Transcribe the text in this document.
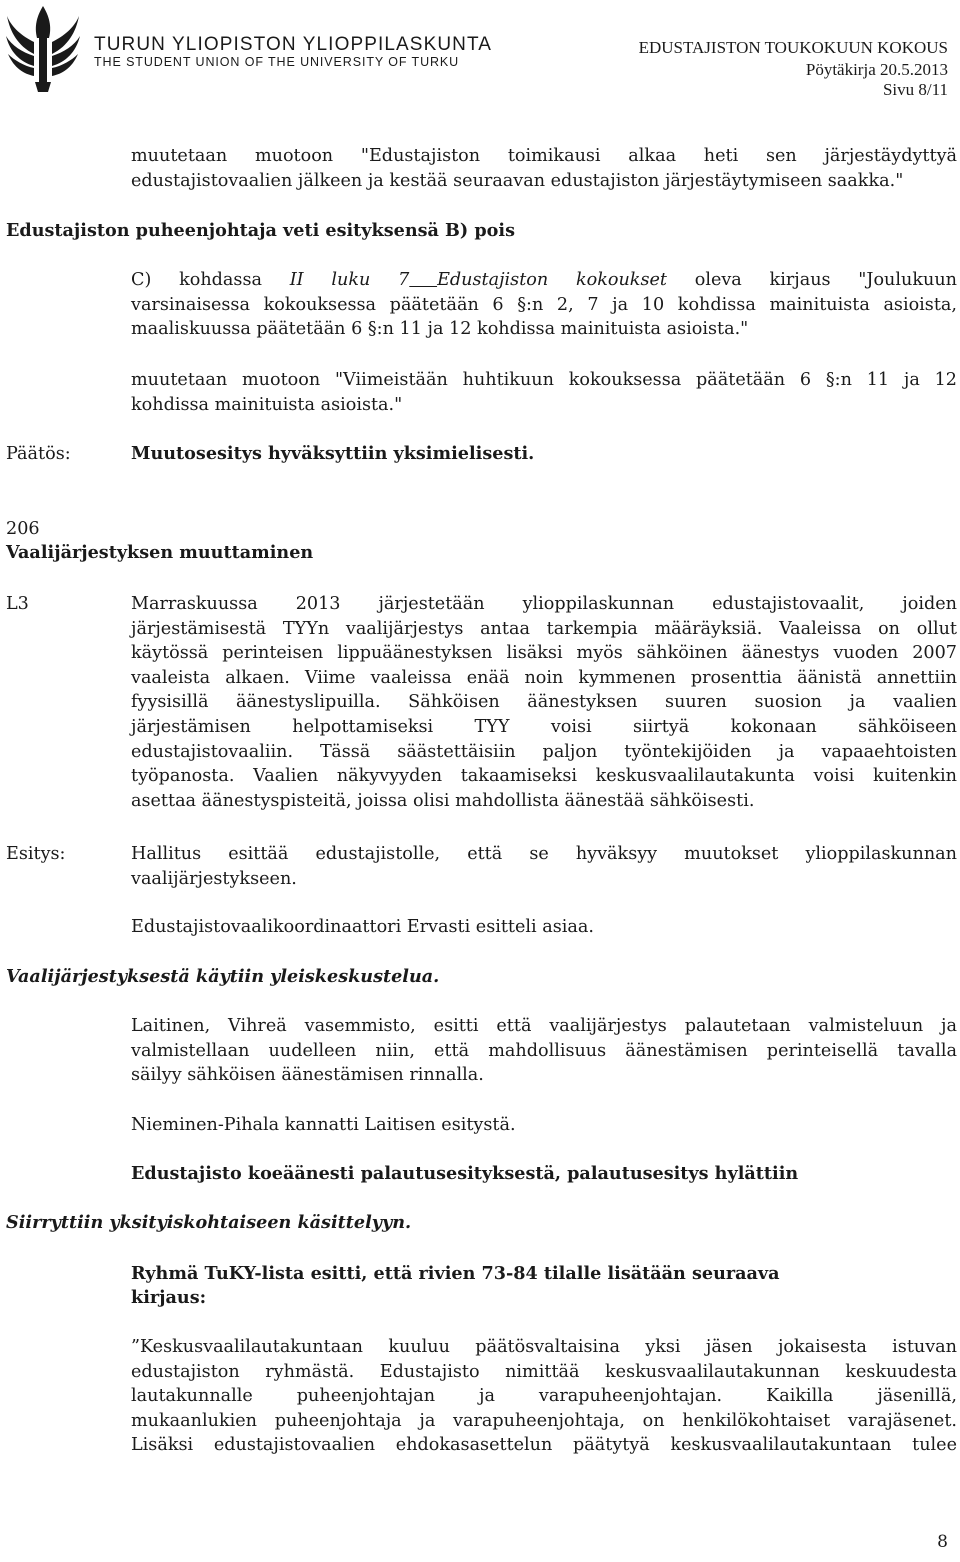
TURUN YLIOPISTON YLIOPPILASKUNTA
THE STUDENT UNION OF THE UNIVERSITY OF TURKU
EDUSTAJISTON TOUKOKUUN KOKOUS
Pöytäkirja 20.5.2013
Sivu 8/11
muutetaan muotoon "Edustajiston toimikausi alkaa heti sen järjestäydyttyä
edustajistovaalien jälkeen ja kestää seuraavan edustajiston järjestäytymiseen saakka."
Edustajiston puheenjohtaja veti esityksensä B) pois
C) kohdassa II luku 7 Edustajiston kokoukset oleva kirjaus "Joulukuun
varsinaisessa kokouksessa päätetään 6 §:n 2, 7 ja 10 kohdissa mainituista asioista,
maaliskuussa päätetään 6 §:n 11 ja 12 kohdissa mainituista asioista."
muutetaan muotoon "Viimeistään huhtikuun kokouksessa päätetään 6 §:n 11 ja 12
kohdissa mainituista asioista."
Päätös:	Muutosesitys hyväksyttiin yksimielisesti.
206
Vaalijärjestyksen muuttaminen
L3	Marraskuussa 2013 järjestetään ylioppilaskunnan edustajistovaalit, joiden
järjestämisestä TYYn vaalijärjestys antaa tarkempia määräyksiä. Vaaleissa on ollut
käytössä perinteisen lippuäänestyksen lisäksi myös sähköinen äänestys vuoden 2007
vaaleista alkaen. Viime vaaleissa enää noin kymmenen prosenttia äänistä annettiin
fyysisillä äänestyslipuilla. Sähköisen äänestyksen suuren suosion ja vaalien
järjestämisen helpottamiseksi TYY voisi siirtyä kokonaan sähköiseen
edustajistovaaliin. Tässä säästettäisiin paljon työntekijöiden ja vapaaehtoisten
työpanosta. Vaalien näkyvyyden takaamiseksi keskusvaalilautakunta voisi kuitenkin
asettaa äänestyspisteitä, joissa olisi mahdollista äänestää sähköisesti.
Esitys:	Hallitus esittää edustajistolle, että se hyväksyy muutokset ylioppilaskunnan
vaalijärjestykseen.
Edustajistovaalikoordinaattori Ervasti esitteli asiaa.
Vaalijärjestyksestä käytiin yleiskeskustelua.
Laitinen, Vihreä vasemmisto, esitti että vaalijärjestys palautetaan valmisteluun ja
valmistellaan uudelleen niin, että mahdollisuus äänestämisen perinteisellä tavalla
säilyy sähköisen äänestämisen rinnalla.
Nieminen-Pihala kannatti Laitisen esitystä.
Edustajisto koeäänesti palautusesityksestä, palautusesitys hylättiin
Siirryttiin yksityiskohtaiseen käsittelyyn.
Ryhmä TuKY-lista esitti, että rivien 73-84 tilalle lisätään seuraava
kirjaus:
”Keskusvaalilautakuntaan kuuluu päätösvaltaisina yksi jäsen jokaisesta istuvan
edustajiston ryhmästä. Edustajisto nimittää keskusvaalilautakunnan keskuudesta
lautakunnalle puheenjohtajan ja varapuheenjohtajan. Kaikilla jäsenillä,
mukaanlukien puheenjohtaja ja varapuheenjohtaja, on henkilökohtaiset varajäsenet.
Lisäksi edustajistovaalien ehdokasasettelun päätytyä keskusvaalilautakuntaan tulee
8
